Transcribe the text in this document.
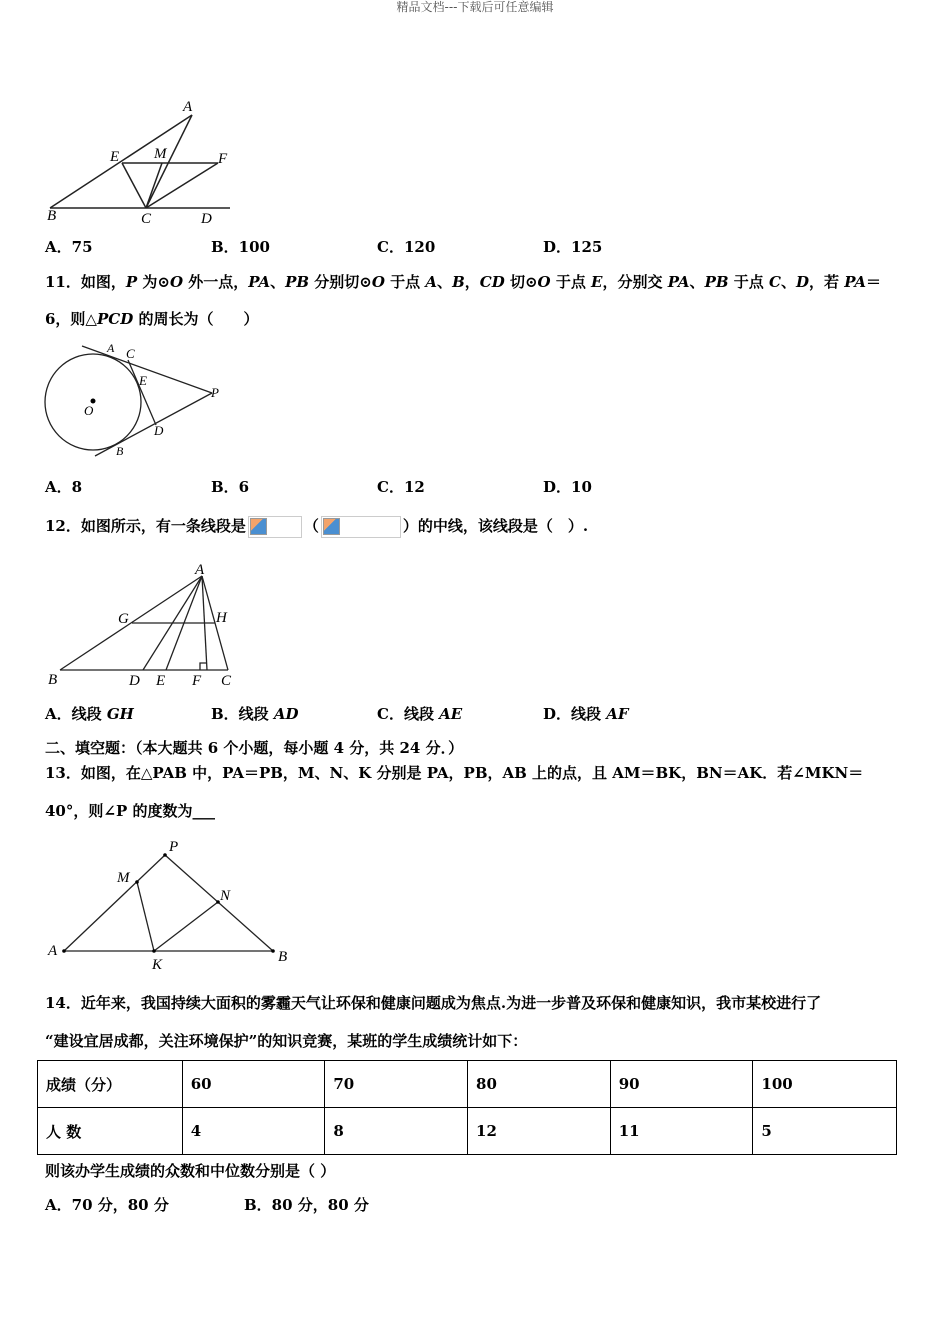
精品文档---下载后可任意编辑
A
E M	F
B	C	D
A．75	B．100	C．120	D．125
11．如图，P 为⊙O 外一点，PA、PB 分别切⊙O 于点 A、B，CD 切⊙O 于点 E，分别交 PA、PB 于点 C、D，若 PA＝
6，则△PCD 的周长为（　　）
A C
E
P
O
D
B
A．8	B．6	C．12	D．10
12．如图所示，有一条线段是	（	）的中线，该线段是（　）.
A
G	H
B	D E F C
A．线段 GH	B．线段 AD	C．线段 AE	D．线段 AF
二、填空题：（本大题共 6 个小题，每小题 4 分，共 24 分．）
13．如图，在△PAB 中，PA＝PB，M、N、K 分别是 PA，PB，AB 上的点，且 AM＝BK，BN＝AK．若∠MKN＝
40°，则∠P 的度数为___
P
M
N
A
K	B
14．近年来，我国持续大面积的雾霾天气让环保和健康问题成为焦点.为进一步普及环保和健康知识，我市某校进行了
“建设宜居成都，关注环境保护”的知识竞赛，某班的学生成绩统计如下：
成绩（分）	60	70	80	90	100
人 数	4	8	12	11	5
则该办学生成绩的众数和中位数分别是（ ）
A．70 分，80 分	B．80 分，80 分
